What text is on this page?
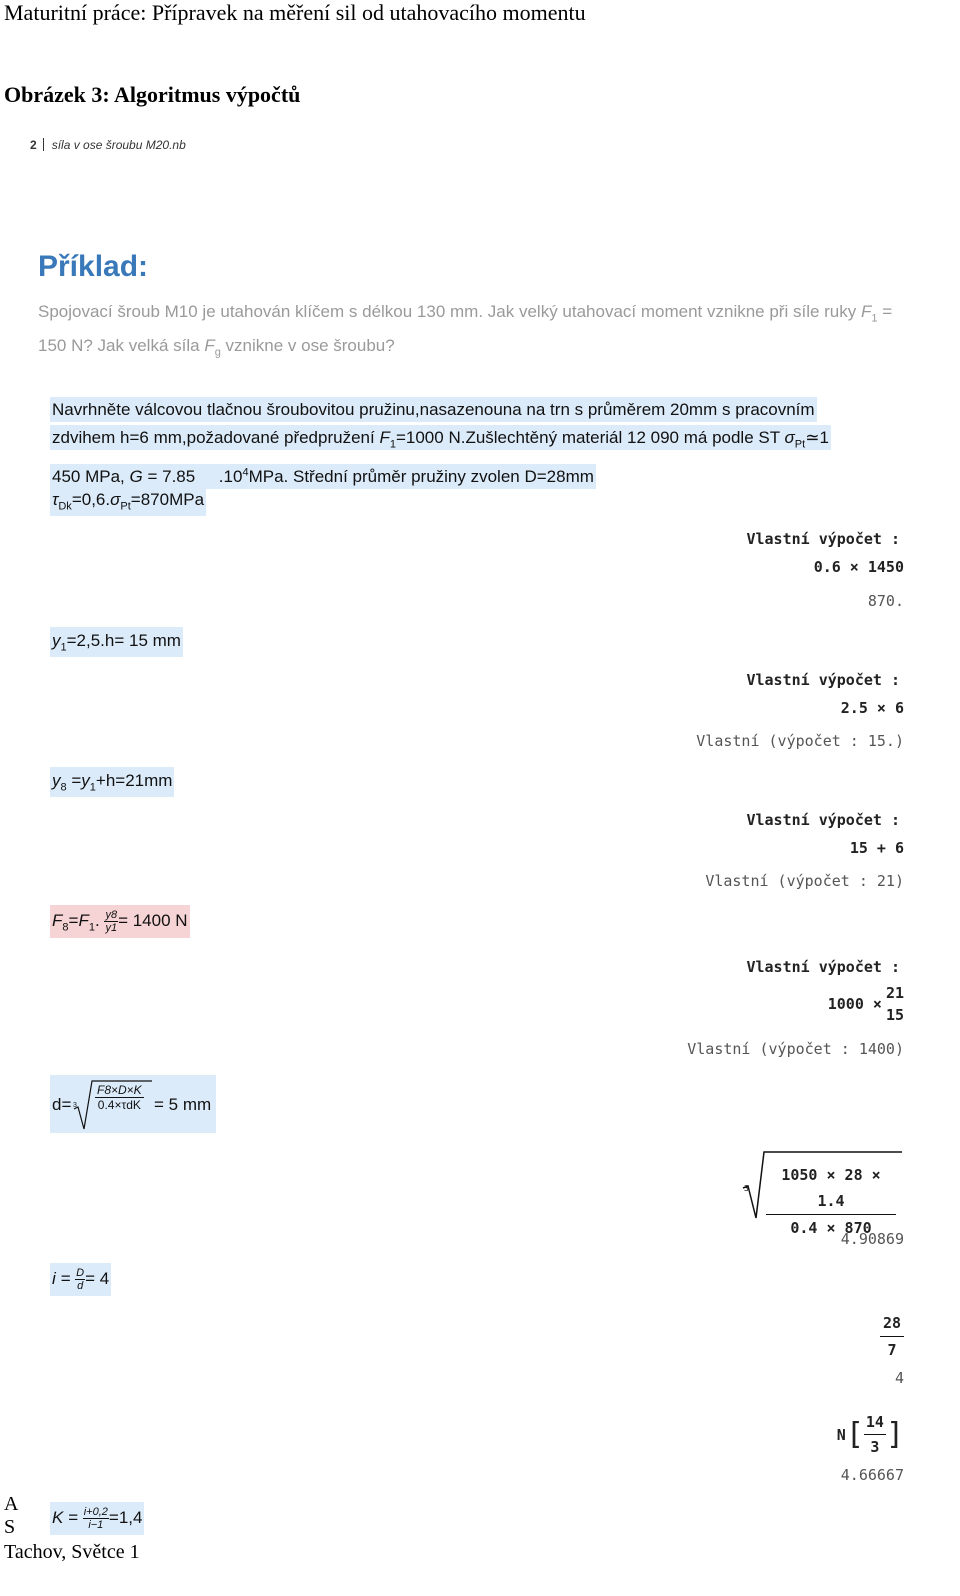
Maturitní práce: Přípravek na měření sil od utahovacího momentu
Obrázek 3: Algoritmus výpočtů
2 síla v ose šroubu M20.nb
Příklad:
Spojovací šroub M10 je utahován klíčem s délkou 130 mm. Jak velký utahovací moment vznikne při síle ruky $F_1 = 150$ N? Jak velká síla $F_g$ vznikne v ose šroubu?
Navrhněte válcovou tlačnou šroubovitou pružinu,nasazenouna na trn s průměrem 20mm s pracovním
zdvihem h=6 mm,požadované předpružení $F_1=1000$ N.Zušlechtěný materiál 12 090 má podle ST $\sigma_{Pt}≃1$
450 MPa, G = 7.85     $.10^4MPa$. Střední průměr pružiny zvolen D=28mm
$\tau_{Dk}=0,6.\sigma_{Pt}=870MPa$
Vlastní výpočet :
0.6 × 1450
870.
$y_1=2,5.h= 15$ mm
Vlastní výpočet :
2.5 × 6
Vlastní (výpočet : 15.)
$y_8 =y_1+h=21mm$
Vlastní výpočet :
15 + 6
Vlastní (výpočet : 21)
$F_8=F_1$. $\frac{y8}{y1} = 1400$ N
Vlastní výpočet :
1000 ×
21
15
Vlastní (výpočet : 1400)
d= 3
F8×D×K
0.4×τdK = 5 mm
$3 \frac{1050 \times 28 \times 1.4}{0.4 \times 870}$
4.90869
$i = \frac{D}{d} = 4$
$\frac{28}{7}$
4
N [ $\frac{14}{3}$ ]
4.66667
A
S
Tachov, Světce 1
$K = \frac{i+0,2}{i-1} =1,4$
